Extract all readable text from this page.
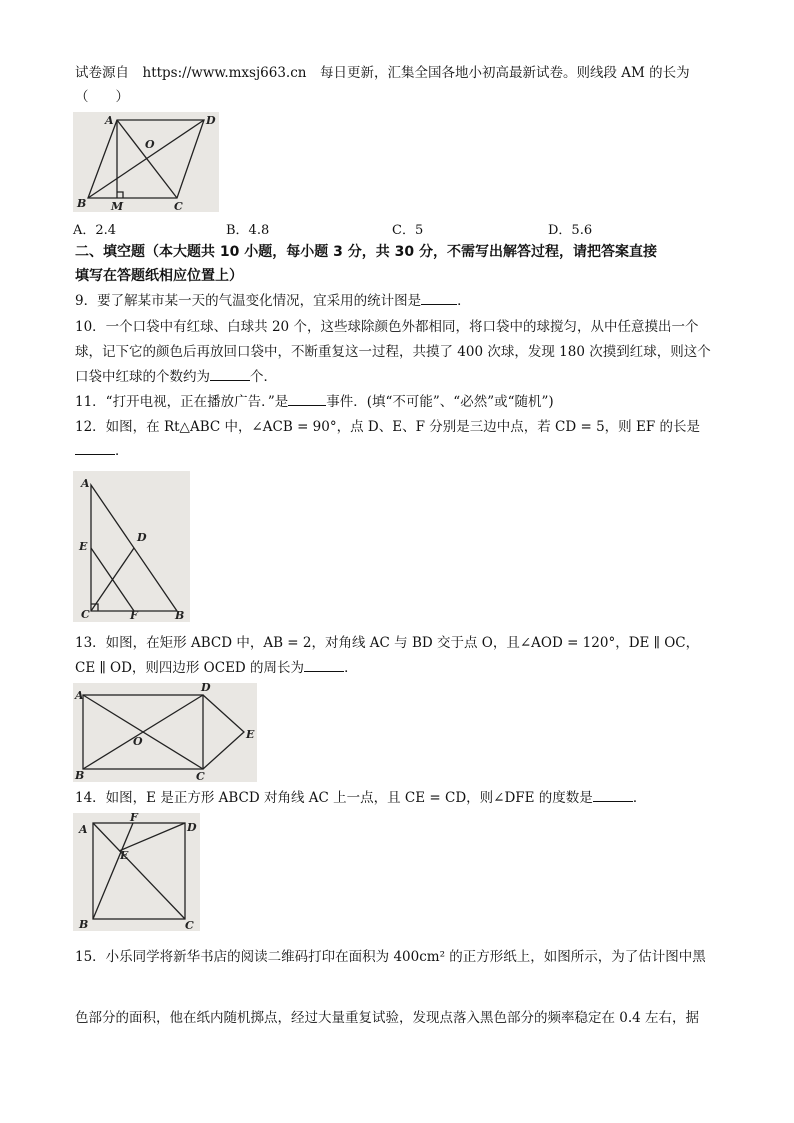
试卷源自　https://www.mxsj663.cn　每日更新，汇集全国各地小初高最新试卷。则线段 AM 的长为
（　　）
A	D
O
B M	C
A．2.4	B．4.8	C．5	D．5.6
二、填空题（本大题共 10 小题，每小题 3 分，共 30 分，不需写出解答过程，请把答案直接
填写在答题纸相应位置上）
9．要了解某市某一天的气温变化情况，宜采用的统计图是	．
10．一个口袋中有红球、白球共 20 个，这些球除颜色外都相同，将口袋中的球搅匀，从中任意摸出一个
球，记下它的颜色后再放回口袋中，不断重复这一过程，共摸了 400 次球，发现 180 次摸到红球，则这个
口袋中红球的个数约为	个．
11．“打开电视，正在播放广告．”是	事件．(填“不可能”、“必然”或“随机”)
12．如图，在 Rt△ABC 中，∠ACB = 90°，点 D、E、F 分别是三边中点，若 CD = 5，则 EF 的长是
．
A
E
D
C	F	B
13．如图，在矩形 ABCD 中，AB = 2，对角线 AC 与 BD 交于点 O，且∠AOD = 120°，DE ∥ OC，
CE ∥ OD，则四边形 OCED 的周长为	．
A
D
O
E
B	C
14．如图，E 是正方形 ABCD 对角线 AC 上一点，且 CE = CD，则∠DFE 的度数是	．
F
A	D
E
B	C
15．小乐同学将新华书店的阅读二维码打印在面积为 400cm² 的正方形纸上，如图所示，为了估计图中黑
色部分的面积，他在纸内随机掷点，经过大量重复试验，发现点落入黑色部分的频率稳定在 0.4 左右，据
